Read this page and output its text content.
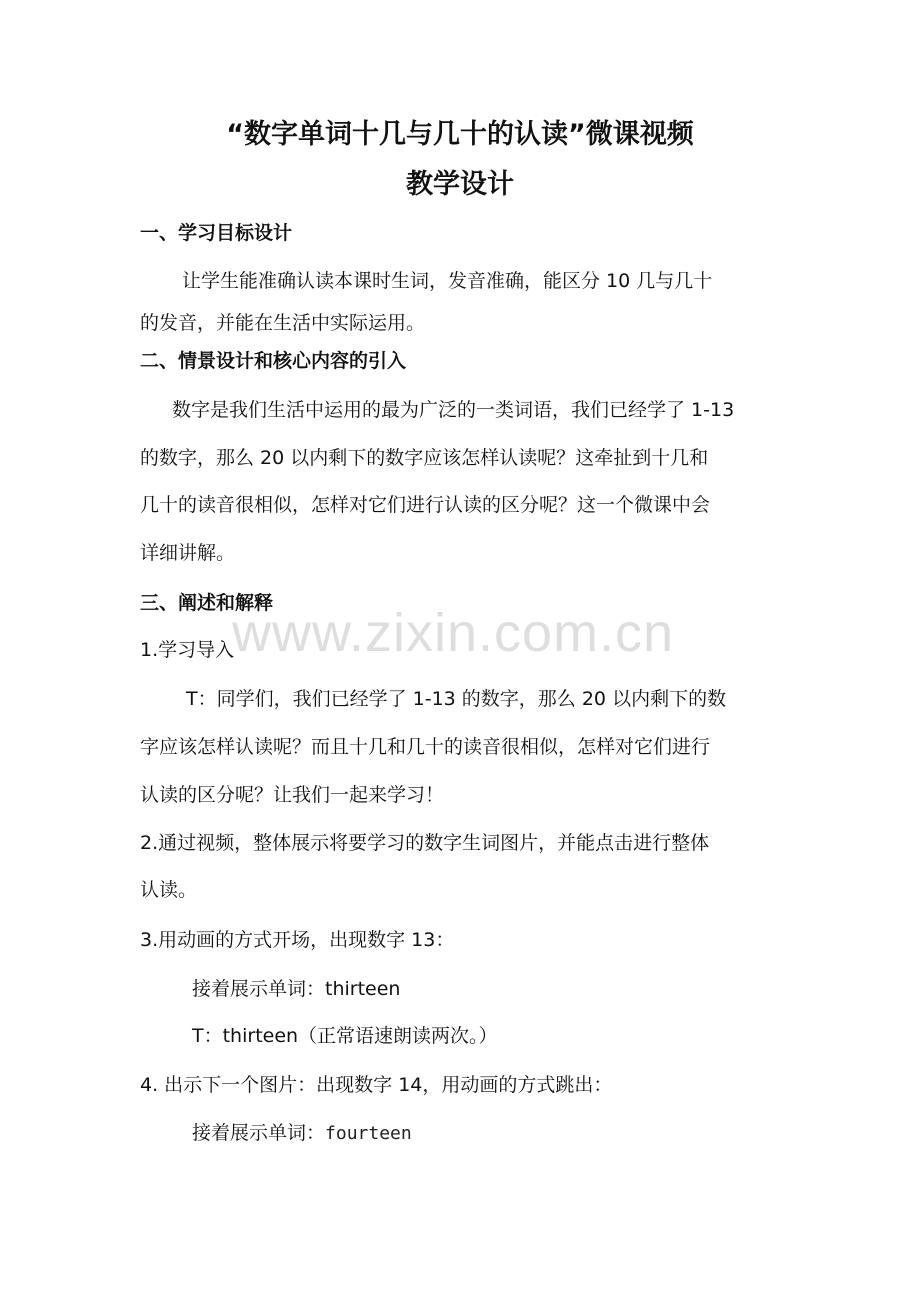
“数字单词十几与几十的认读”微课视频
教学设计
一、学习目标设计

让学生能准确认读本课时生词，发音准确，能区分 10 几与几十

的发音，并能在生活中实际运用。

二、情景设计和核心内容的引入

数字是我们生活中运用的最为广泛的一类词语，我们已经学了 1-13

的数字，那么 20 以内剩下的数字应该怎样认读呢？这牵扯到十几和

几十的读音很相似，怎样对它们进行认读的区分呢？这一个微课中会

详细讲解。

三、阐述和解释

1.学习导入

T：同学们，我们已经学了 1-13 的数字，那么 20 以内剩下的数

字应该怎样认读呢？而且十几和几十的读音很相似，怎样对它们进行

认读的区分呢？让我们一起来学习！

2.通过视频，整体展示将要学习的数字生词图片，并能点击进行整体

认读。

3.用动画的方式开场，出现数字 13：

接着展示单词：thirteen

T：thirteen（正常语速朗读两次。）

4. 出示下一个图片：出现数字 14，用动画的方式跳出：

接着展示单词：fourteen

www.zixin.com.cn
